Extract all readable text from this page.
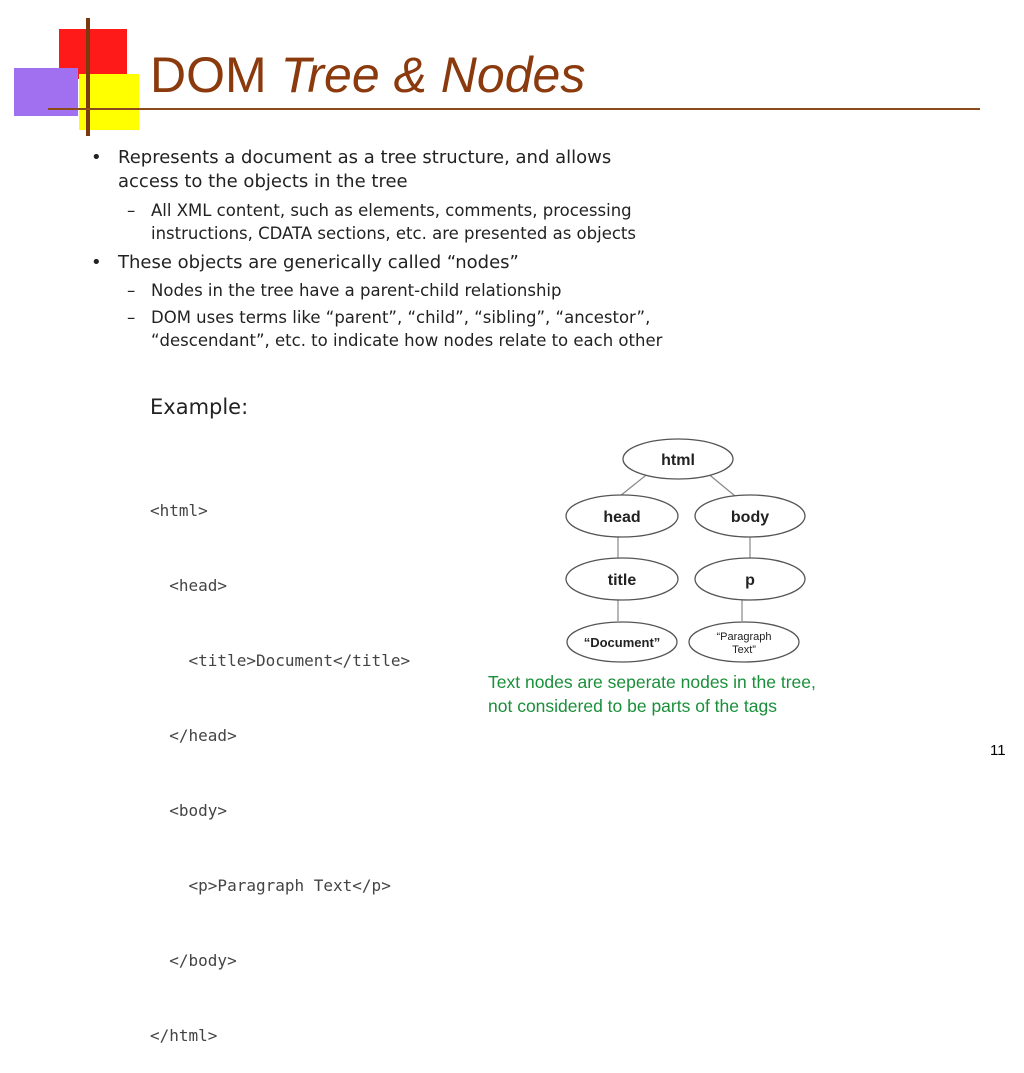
DOM Tree & Nodes
• Represents a document as a tree structure, and allows
access to the objects in the tree
– All XML content, such as elements, comments, processing
instructions, CDATA sections, etc. are presented as objects
• These objects are generically called “nodes”
– Nodes in the tree have a parent-child relationship
– DOM uses terms like “parent”, “child”, “sibling”, “ancestor”,
“descendant”, etc. to indicate how nodes relate to each other
Example:

<html>

<head>

<title>Document</title>

</head>

<body>

<p>Paragraph Text</p>

</body>

</html>

html
head	body
title	p
“Document”	“Paragraph
Text”
Text nodes are seperate nodes in the tree,
not considered to be parts of the tags
11
